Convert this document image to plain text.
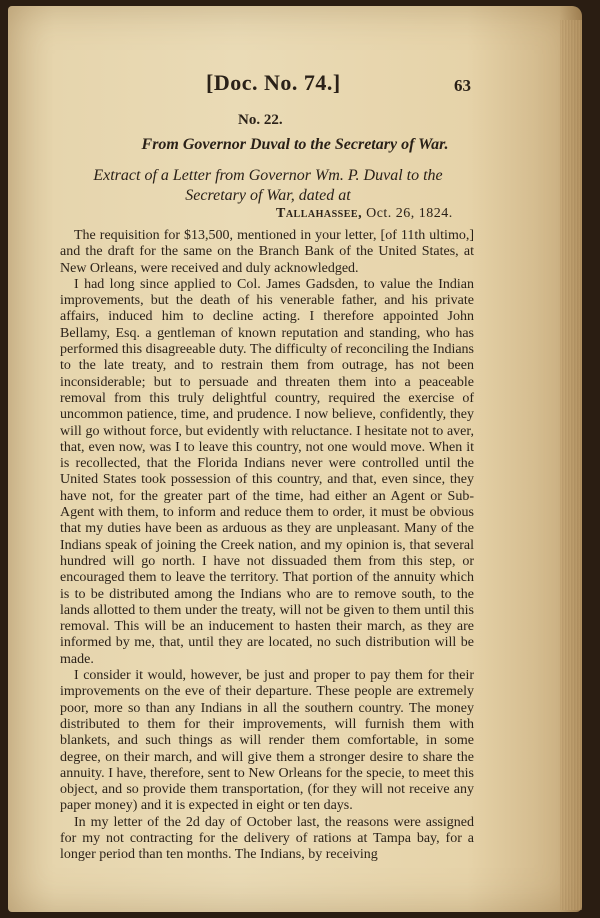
[Doc. No. 74.]	63
No. 22.
From Governor Duval to the Secretary of War.
Extract of a Letter from Governor Wm. P. Duval to the Secretary of War, dated at
Tallahassee, Oct. 26, 1824.

The requisition for $13,500, mentioned in your letter, [of 11th ultimo,] and the draft for the same on the Branch Bank of the United States, at New Orleans, were received and duly acknowledged.

I had long since applied to Col. James Gadsden, to value the Indian improvements, but the death of his venerable father, and his private affairs, induced him to decline acting. I therefore appointed John Bellamy, Esq. a gentleman of known reputation and standing, who has performed this disagreeable duty. The difficulty of reconciling the Indians to the late treaty, and to restrain them from outrage, has not been inconsiderable; but to persuade and threaten them into a peaceable removal from this truly delightful country, required the exercise of uncommon patience, time, and prudence. I now believe, confidently, they will go without force, but evidently with reluctance. I hesitate not to aver, that, even now, was I to leave this country, not one would move. When it is recollected, that the Florida Indians never were controlled until the United States took possession of this country, and that, even since, they have not, for the greater part of the time, had either an Agent or Sub-Agent with them, to inform and reduce them to order, it must be obvious that my duties have been as arduous as they are unpleasant. Many of the Indians speak of joining the Creek nation, and my opinion is, that several hundred will go north. I have not dissuaded them from this step, or encouraged them to leave the territory. That portion of the annuity which is to be distributed among the Indians who are to remove south, to the lands allotted to them under the treaty, will not be given to them until this removal. This will be an inducement to hasten their march, as they are informed by me, that, until they are located, no such distribution will be made.

I consider it would, however, be just and proper to pay them for their improvements on the eve of their departure. These people are extremely poor, more so than any Indians in all the southern country. The money distributed to them for their improvements, will furnish them with blankets, and such things as will render them comfortable, in some degree, on their march, and will give them a stronger desire to share the annuity. I have, therefore, sent to New Orleans for the specie, to meet this object, and so provide them transportation, (for they will not receive any paper money) and it is expected in eight or ten days.

In my letter of the 2d day of October last, the reasons were assigned for my not contracting for the delivery of rations at Tampa bay, for a longer period than ten months. The Indians, by receiving
